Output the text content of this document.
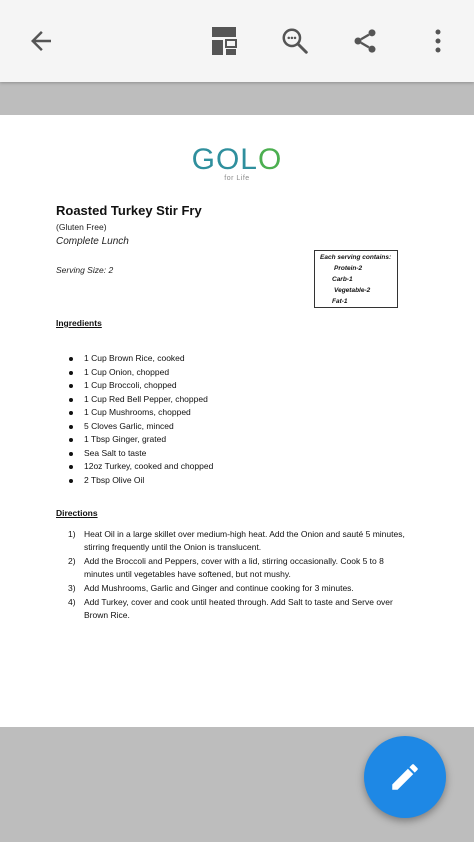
GOLO
for Life
Roasted Turkey Stir Fry
(Gluten Free)
Complete Lunch
Serving Size: 2
Each serving contains:
Protein-2
Carb-1
Vegetable-2
Fat-1
Ingredients
1 Cup Brown Rice, cooked
1 Cup Onion, chopped
1 Cup Broccoli, chopped
1 Cup Red Bell Pepper, chopped
1 Cup Mushrooms, chopped
5 Cloves Garlic, minced
1 Tbsp Ginger, grated
Sea Salt to taste
12oz Turkey, cooked and chopped
2 Tbsp Olive Oil
Directions
1) Heat Oil in a large skillet over medium-high heat. Add the Onion and sauté 5 minutes, stirring frequently until the Onion is translucent.
2) Add the Broccoli and Peppers, cover with a lid, stirring occasionally. Cook 5 to 8 minutes until vegetables have softened, but not mushy.
3) Add Mushrooms, Garlic and Ginger and continue cooking for 3 minutes.
4) Add Turkey, cover and cook until heated through. Add Salt to taste and Serve over Brown Rice.
